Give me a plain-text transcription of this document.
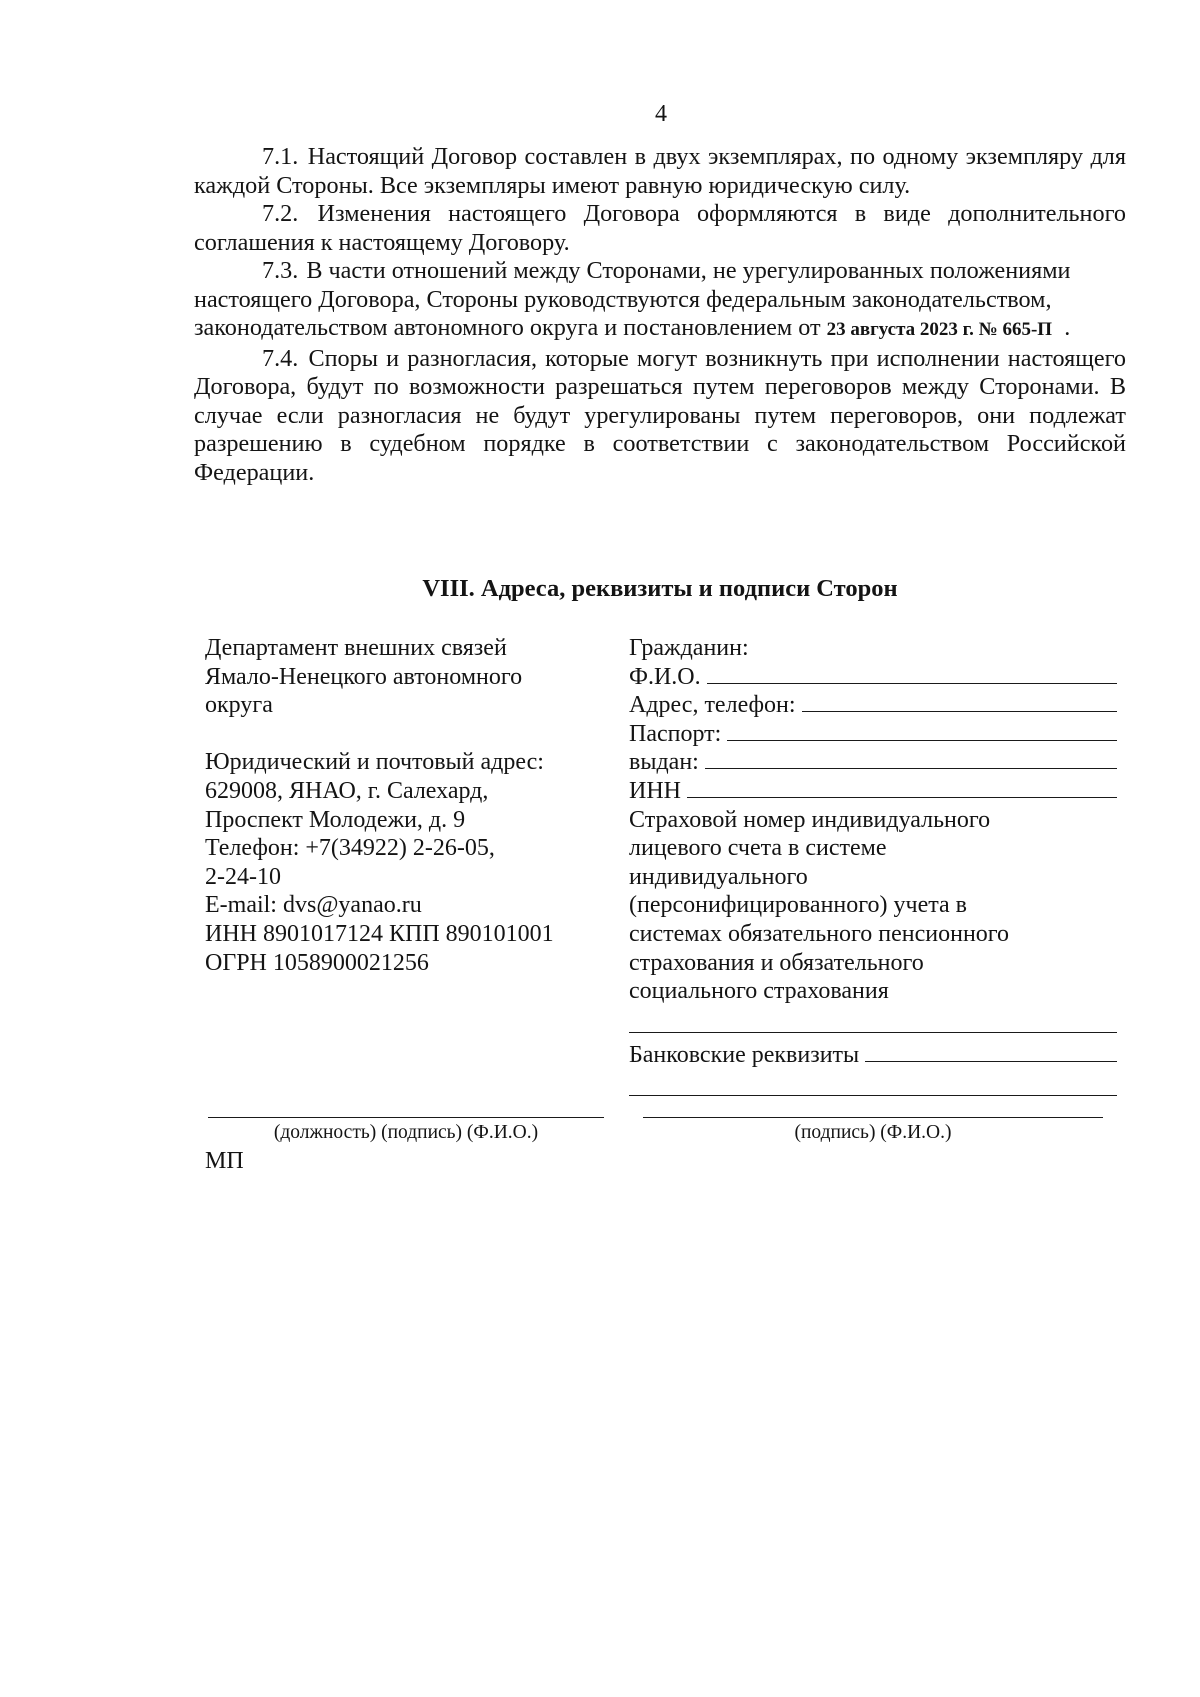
4

7.1. Настоящий Договор составлен в двух экземплярах, по одному экземпляру для каждой Стороны. Все экземпляры имеют равную юридическую силу.

7.2. Изменения настоящего Договора оформляются в виде дополнительного соглашения к настоящему Договору.

7.3. В части отношений между Сторонами, не урегулированных положениями настоящего Договора, Стороны руководствуются федеральным законодательством, законодательством автономного округа и постановлением от 23 августа 2023 г. № 665-П .

7.4. Споры и разногласия, которые могут возникнуть при исполнении настоящего Договора, будут по возможности разрешаться путем переговоров между Сторонами. В случае если разногласия не будут урегулированы путем переговоров, они подлежат разрешению в судебном порядке в соответствии с законодательством Российской Федерации.

VIII. Адреса, реквизиты и подписи Сторон

Департамент внешних связей

Ямало-Ненецкого автономного

округа

Юридический и почтовый адрес:

629008, ЯНАО, г. Салехард,

Проспект Молодежи, д. 9

Телефон: +7(34922) 2-26-05,

2-24-10

E-mail: dvs@yanao.ru

ИНН 8901017124 КПП 890101001

ОГРН 1058900021256

Гражданин:

Ф.И.О.
Адрес, телефон:
Паспорт:
выдан:
ИНН

Страховой номер индивидуального

лицевого счета в системе

индивидуального

(персонифицированного) учета в

системах обязательного пенсионного

страхования и обязательного

социального страхования

Банковские реквизиты
(должность) (подпись) (Ф.И.О.)	(подпись) (Ф.И.О.)
МП
